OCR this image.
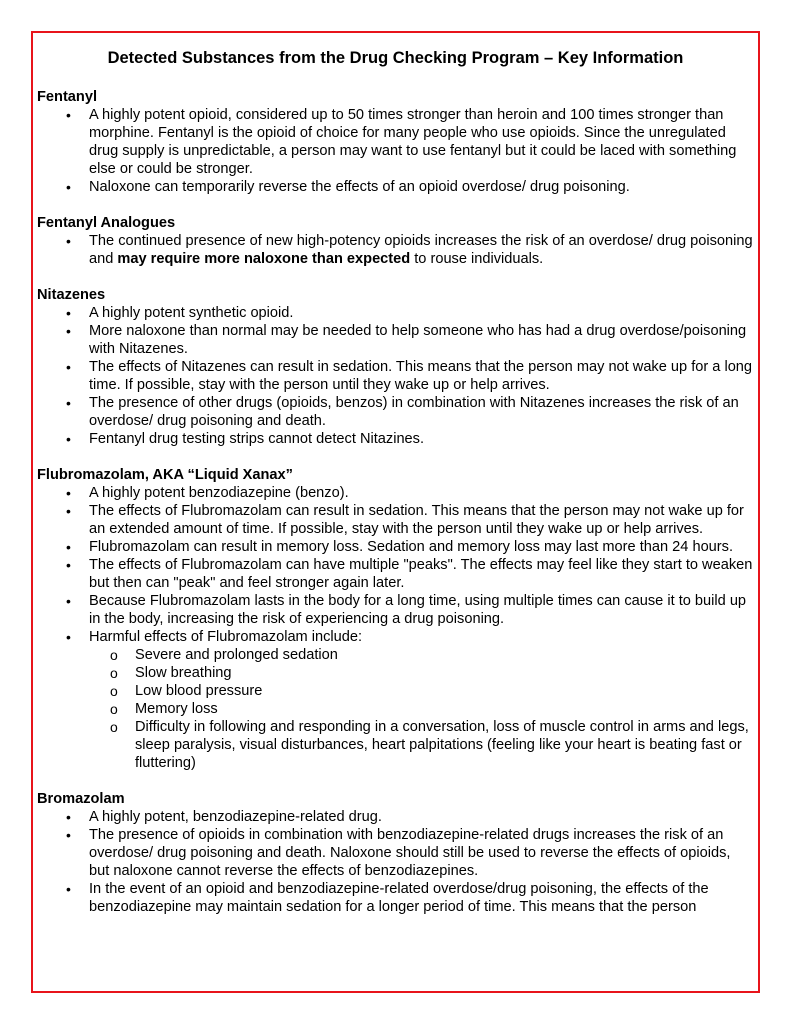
Detected Substances from the Drug Checking Program – Key Information
Fentanyl
• A highly potent opioid, considered up to 50 times stronger than heroin and 100 times stronger than morphine. Fentanyl is the opioid of choice for many people who use opioids. Since the unregulated drug supply is unpredictable, a person may want to use fentanyl but it could be laced with something else or could be stronger.
• Naloxone can temporarily reverse the effects of an opioid overdose/ drug poisoning.
Fentanyl Analogues
• The continued presence of new high-potency opioids increases the risk of an overdose/ drug poisoning and may require more naloxone than expected to rouse individuals.
Nitazenes
• A highly potent synthetic opioid.
• More naloxone than normal may be needed to help someone who has had a drug overdose/poisoning with Nitazenes.
• The effects of Nitazenes can result in sedation. This means that the person may not wake up for a long time. If possible, stay with the person until they wake up or help arrives.
• The presence of other drugs (opioids, benzos) in combination with Nitazenes increases the risk of an overdose/ drug poisoning and death.
• Fentanyl drug testing strips cannot detect Nitazines.
Flubromazolam, AKA “Liquid Xanax”
• A highly potent benzodiazepine (benzo).
• The effects of Flubromazolam can result in sedation. This means that the person may not wake up for an extended amount of time. If possible, stay with the person until they wake up or help arrives.
• Flubromazolam can result in memory loss. Sedation and memory loss may last more than 24 hours.
• The effects of Flubromazolam can have multiple "peaks". The effects may feel like they start to weaken but then can "peak" and feel stronger again later.
• Because Flubromazolam lasts in the body for a long time, using multiple times can cause it to build up in the body, increasing the risk of experiencing a drug poisoning.
• Harmful effects of Flubromazolam include:
o Severe and prolonged sedation
o Slow breathing
o Low blood pressure
o Memory loss
o Difficulty in following and responding in a conversation, loss of muscle control in arms and legs, sleep paralysis, visual disturbances, heart palpitations (feeling like your heart is beating fast or fluttering)
Bromazolam
• A highly potent, benzodiazepine-related drug.
• The presence of opioids in combination with benzodiazepine-related drugs increases the risk of an overdose/ drug poisoning and death. Naloxone should still be used to reverse the effects of opioids, but naloxone cannot reverse the effects of benzodiazepines.
• In the event of an opioid and benzodiazepine-related overdose/drug poisoning, the effects of the benzodiazepine may maintain sedation for a longer period of time. This means that the person
